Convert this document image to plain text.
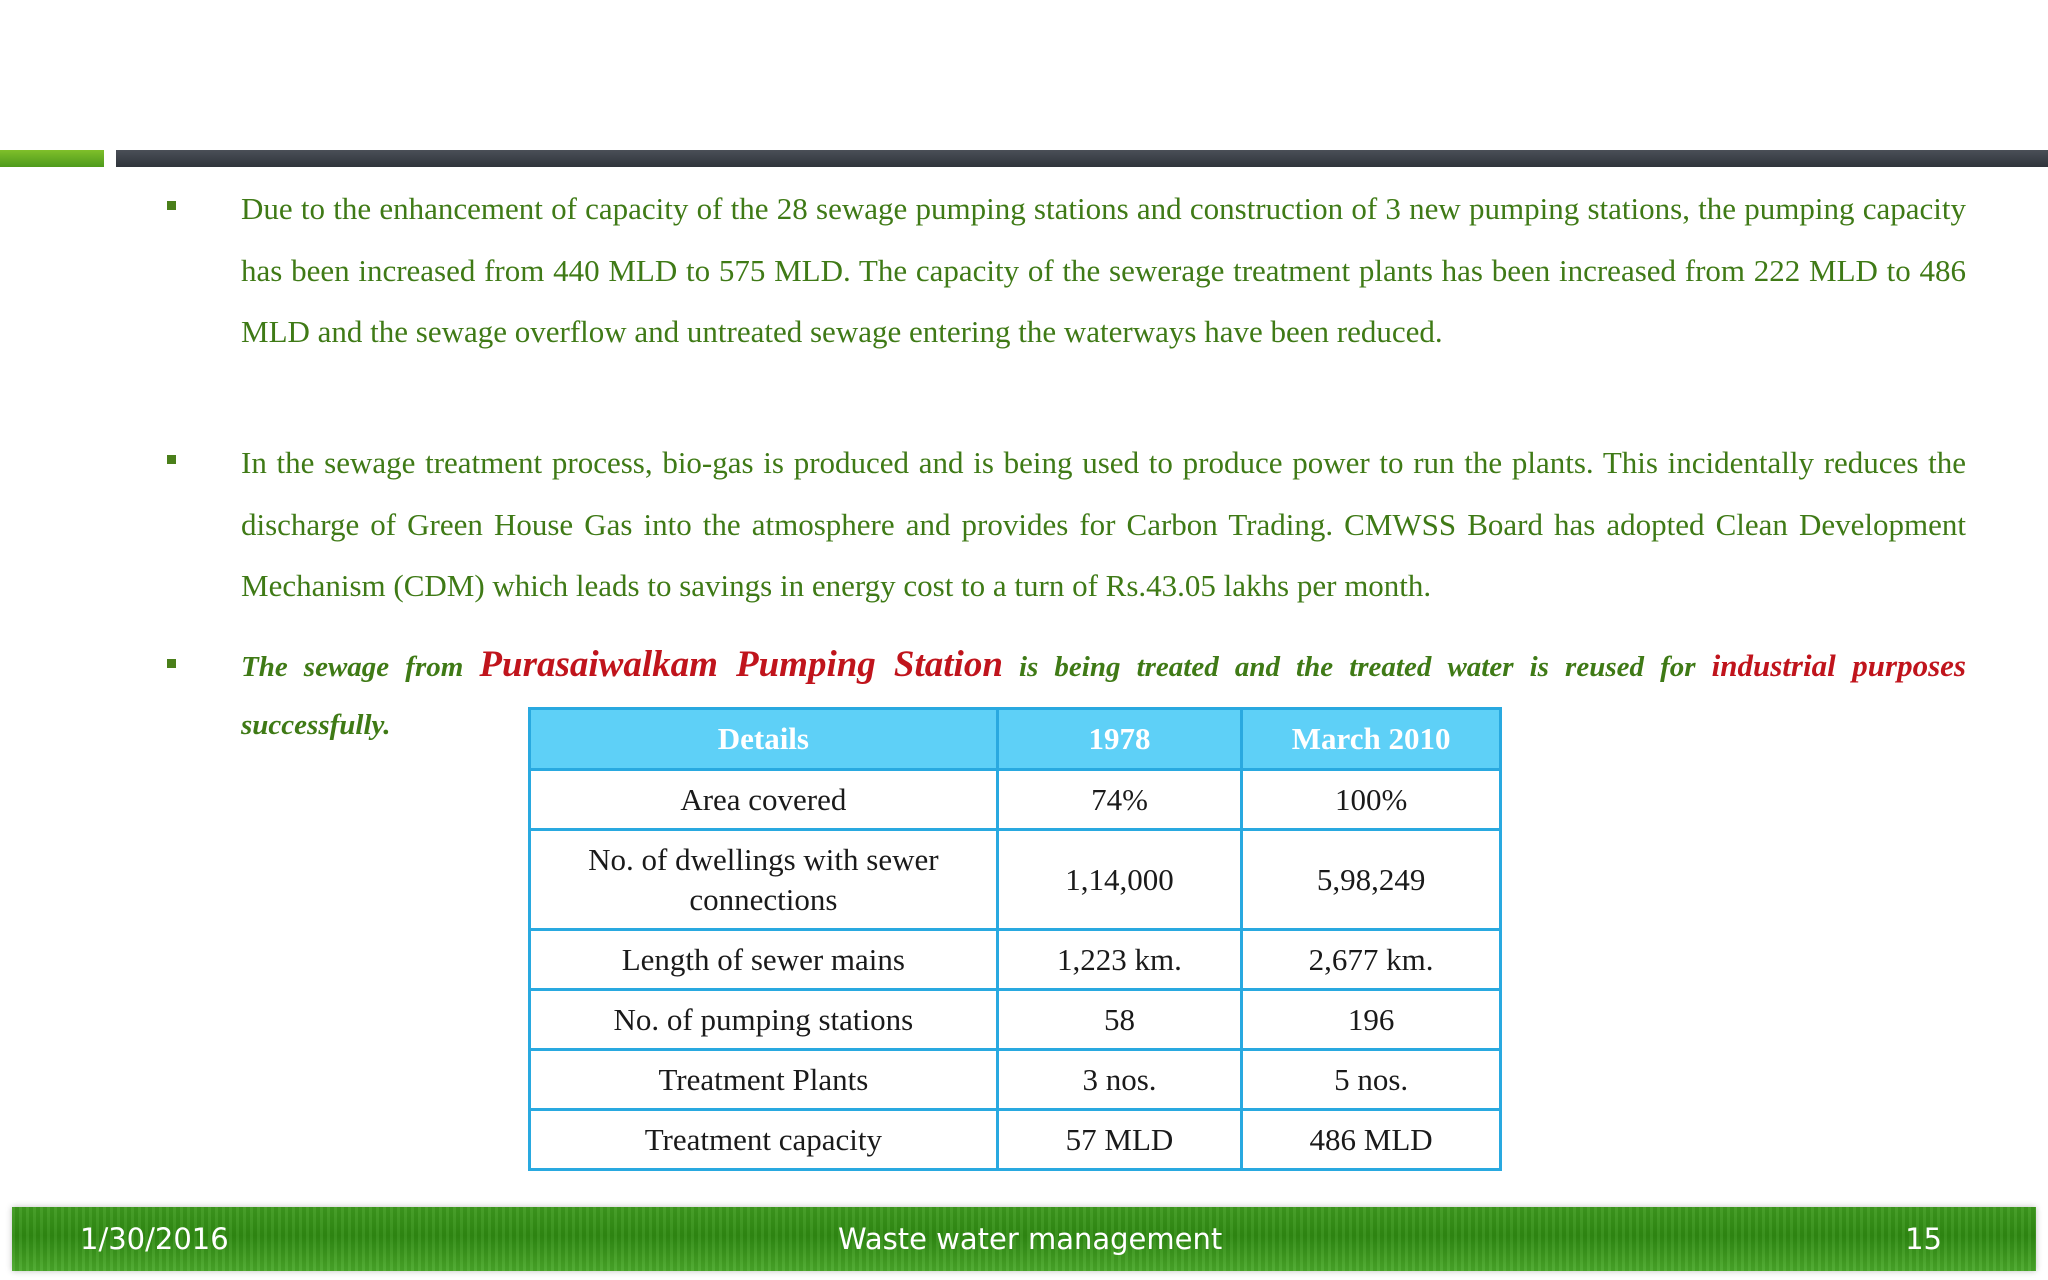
Due to the enhancement of capacity of the 28 sewage pumping stations and construction of 3 new pumping stations, the pumping capacity has been increased from 440 MLD to 575 MLD. The capacity of the sewerage treatment plants has been increased from 222 MLD to 486 MLD and the sewage overflow and untreated sewage entering the waterways have been reduced.

In the sewage treatment process, bio-gas is produced and is being used to produce power to run the plants. This incidentally reduces the discharge of Green House Gas into the atmosphere and provides for Carbon Trading. CMWSS Board has adopted Clean Development Mechanism (CDM) which leads to savings in energy cost to a turn of Rs.43.05 lakhs per month.

The sewage from Purasaiwalkam Pumping Station is being treated and the treated water is reused for industrial purposes

successfully.	Details	1978	March 2010
Area covered	74%	100%
No. of dwellings with sewer connections	1,14,000	5,98,249
Length of sewer mains	1,223 km.	2,677 km.
No. of pumping stations	58	196
Treatment Plants	3 nos.	5 nos.
Treatment capacity	57 MLD	486 MLD
1/30/2016	Waste water management	15
